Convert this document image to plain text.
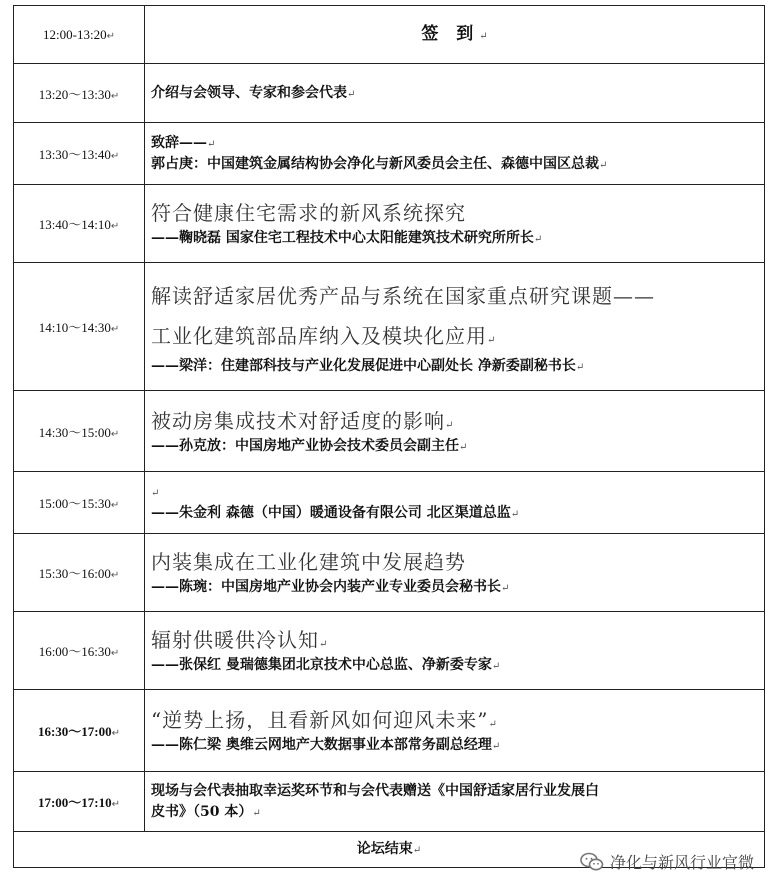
12:00-13:20↵	签 到↵
13:20～13:30↵	介绍与会领导、专家和参会代表↵
13:30～13:40↵	致辞——↵
郭占庚：中国建筑金属结构协会净化与新风委员会主任、森德中国区总裁↵

13:40～14:10↵	符合健康住宅需求的新风系统探究
——鞠晓磊 国家住宅工程技术中心太阳能建筑技术研究所所长↵

14:10～14:30↵	解读舒适家居优秀产品与系统在国家重点研究课题——
工业化建筑部品库纳入及模块化应用↵
——梁洋：住建部科技与产业化发展促进中心副处长 净新委副秘书长↵

14:30～15:00↵	被动房集成技术对舒适度的影响↵
——孙克放：中国房地产业协会技术委员会副主任↵

15:00～15:30↵	↵
——朱金利 森德（中国）暖通设备有限公司 北区渠道总监↵

15:30～16:00↵	内装集成在工业化建筑中发展趋势
——陈琬：中国房地产业协会内装产业专业委员会秘书长↵

16:00～16:30↵	辐射供暖供冷认知↵
——张保红 曼瑞德集团北京技术中心总监、净新委专家↵

16:30～17:00↵	“逆势上扬，且看新风如何迎风未来”↵
——陈仁梁 奥维云网地产大数据事业本部常务副总经理↵

17:00～17:10↵	现场与会代表抽取幸运奖环节和与会代表赠送《中国舒适家居行业发展白
皮书》（50 本）↵

论坛结束↵	
净化与新风行业官微
